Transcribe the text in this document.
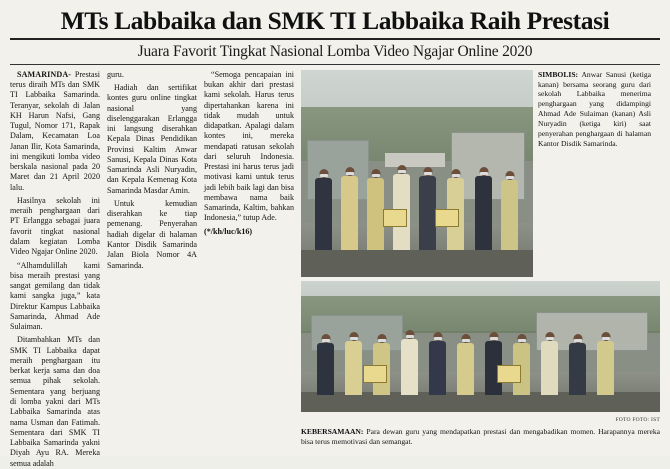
MTs Labbaika dan SMK TI Labbaika Raih Prestasi
Juara Favorit Tingkat Nasional Lomba Video Ngajar Online 2020

SAMARINDA- Prestasi terus diraih MTs dan SMK TI Labbaika Samarinda. Teranyar, sekolah di Jalan KH Harun Nafsi, Gang Tugul, Nomor 171, Rapak Dalam, Kecamatan Loa Janan Ilir, Kota Samarinda, ini mengikuti lomba video berskala nasional pada 20 Maret dan 21 April 2020 lalu.

Hasilnya sekolah ini meraih penghargaan dari PT Erlangga sebagai juara favorit tingkat nasional dalam kegiatan Lomba Video Ngajar Online 2020.

“Alhamdulillah kami bisa meraih prestasi yang sangat gemilang dan tidak kami sangka juga,” kata Direktur Kampus Labbaika Samarinda, Ahmad Ade Sulaiman.

Ditambahkan MTs dan SMK TI Labbaika dapat meraih penghargaan itu berkat kerja sama dan doa semua pihak sekolah. Sementara yang berjuang di lomba yakni dari MTs Labbaika Samarinda atas nama Usman dan Fatimah. Sementara dari SMK TI Labbaika Samarinda yakni Diyah Ayu RA. Mereka semua adalah

guru.

Hadiah dan sertifikat kontes guru online tingkat nasional yang diselenggarakan Erlangga ini langsung diserahkan Kepala Dinas Pendidikan Provinsi Kaltim Anwar Sanusi, Kepala Dinas Kota Samarinda Asli Nuryadin, dan Kepala Kemenag Kota Samarinda Masdar Amin.

Untuk kemudian diserahkan ke tiap pemenang. Penyerahan hadiah digelar di halaman Kantor Disdik Samarinda Jalan Biola Nomor 4A Samarinda.

“Semoga pencapaian ini bukan akhir dari prestasi kami sekolah. Harus terus dipertahankan karena ini tidak mudah untuk didapatkan. Apalagi dalam kontes ini, mereka mendapati ratusan sekolah dari seluruh Indonesia. Prestasi ini harus terus jadi motivasi kami untuk terus jadi lebih baik lagi dan bisa membawa nama baik Samarinda, Kaltim, bahkan Indonesia,” tutup Ade.

(*/kh/luc/k16)

SIMBOLIS: Anwar Sanusi (ketiga kanan) bersama seorang guru dari sekolah Labbaika menerima penghargaan yang didampingi Ahmad Ade Sulaiman (kanan) Asli Nuryadin (ketiga kiri) saat penyerahan penghargaan di halaman Kantor Disdik Samarinda.
FOTO FOTO: IST
KEBERSAMAAN: Para dewan guru yang mendapatkan prestasi dan mengabadikan momen. Harapannya mereka bisa terus memotivasi dan semangat.
